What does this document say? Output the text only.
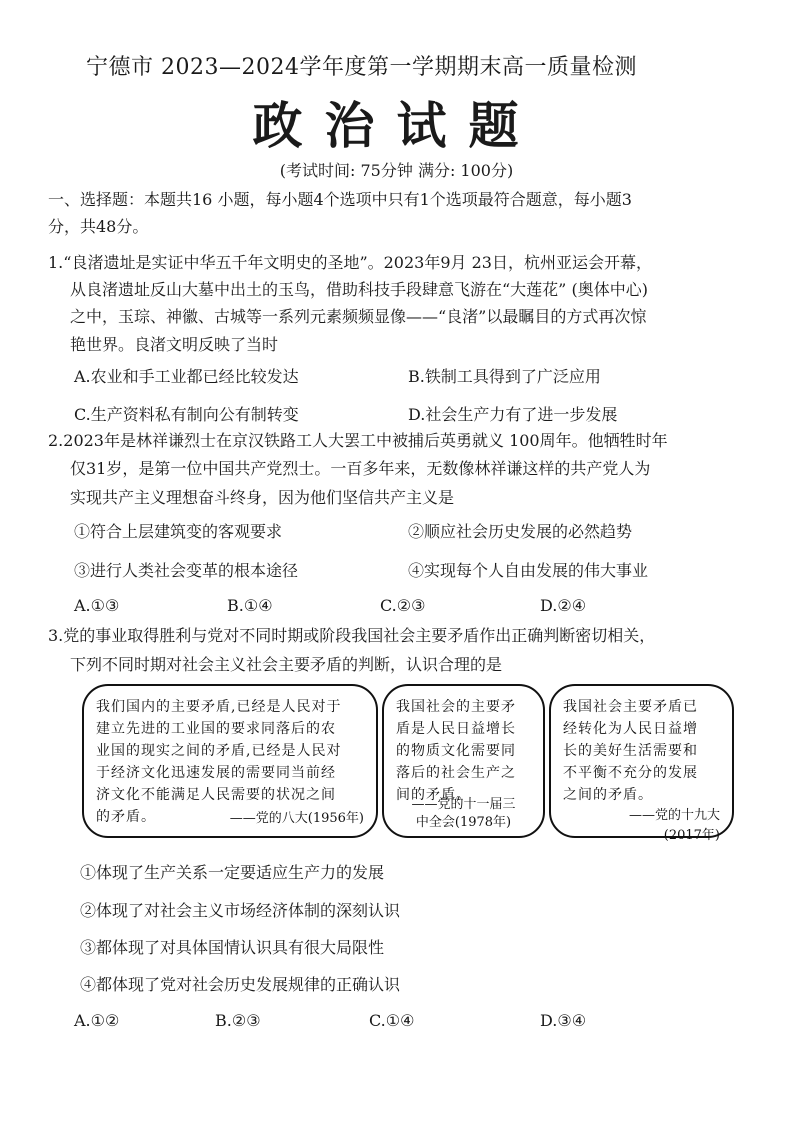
宁德市 2023—2024学年度第一学期期末高一质量检测
政治试题
(考试时间: 75分钟 满分: 100分)
一、选择题：本题共16 小题，每小题4个选项中只有1个选项最符合题意，每小题3
分，共48分。
1.“良渚遗址是实证中华五千年文明史的圣地”。2023年9月 23日，杭州亚运会开幕，
从良渚遗址反山大墓中出土的玉鸟，借助科技手段肆意飞游在“大莲花” (奥体中心)
之中，玉琮、神徽、古城等一系列元素频频显像——“良渚”以最瞩目的方式再次惊
艳世界。良渚文明反映了当时
A.农业和手工业都已经比较发达	B.铁制工具得到了广泛应用
C.生产资料私有制向公有制转变	D.社会生产力有了进一步发展
2.2023年是林祥谦烈士在京汉铁路工人大罢工中被捕后英勇就义 100周年。他牺牲时年
仅31岁，是第一位中国共产党烈士。一百多年来，无数像林祥谦这样的共产党人为
实现共产主义理想奋斗终身，因为他们坚信共产主义是
①符合上层建筑变的客观要求	②顺应社会历史发展的必然趋势
③进行人类社会变革的根本途径	④实现每个人自由发展的伟大事业
A.①③	B.①④	C.②③	D.②④
3.党的事业取得胜利与党对不同时期或阶段我国社会主要矛盾作出正确判断密切相关，
下列不同时期对社会主义社会主要矛盾的判断，认识合理的是
我们国内的主要矛盾,已经是人民对于
建立先进的工业国的要求同落后的农
业国的现实之间的矛盾,已经是人民对
于经济文化迅速发展的需要同当前经
济文化不能满足人民需要的状况之间
的矛盾。	——党的八大(1956年)
我国社会的主要矛
盾是人民日益增长
的物质文化需要同
落后的社会生产之
间的矛盾。
——党的十一届三
中全会(1978年)
我国社会主要矛盾已
经转化为人民日益增
长的美好生活需要和
不平衡不充分的发展
之间的矛盾。
——党的十九大
(2017年)
①体现了生产关系一定要适应生产力的发展
②体现了对社会主义市场经济体制的深刻认识
③都体现了对具体国情认识具有很大局限性
④都体现了党对社会历史发展规律的正确认识
A.①②	B.②③	C.①④	D.③④
